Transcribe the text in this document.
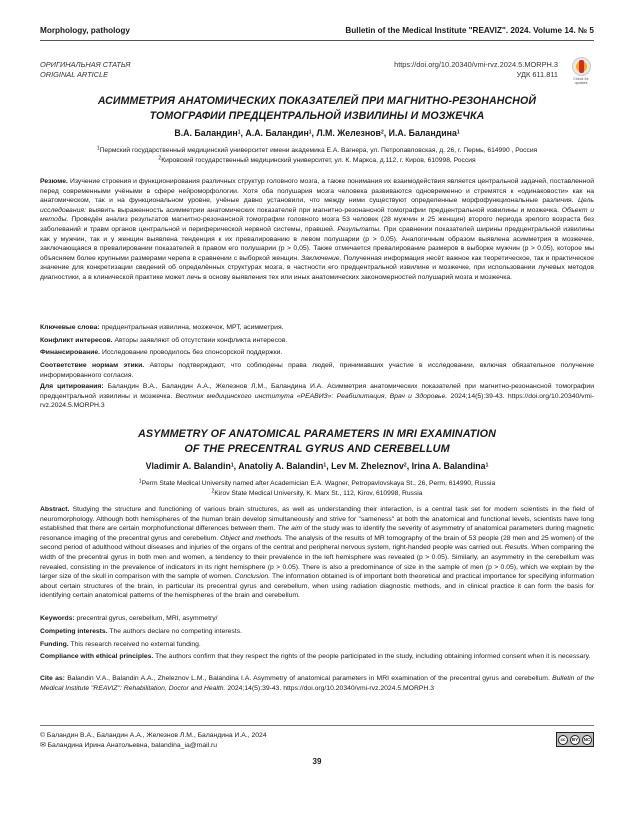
Morphology, pathology	Bulletin of the Medical Institute "REAVIZ". 2024. Volume 14. № 5
ОРИГИНАЛЬНАЯ СТАТЬЯ
ORIGINAL ARTICLE
https://doi.org/10.20340/vmi-rvz.2024.5.MORPH.3
УДК 611.811	Check for
updates
АСИММЕТРИЯ АНАТОМИЧЕСКИХ ПОКАЗАТЕЛЕЙ ПРИ МАГНИТНО-РЕЗОНАНСНОЙ
ТОМОГРАФИИ ПРЕДЦЕНТРАЛЬНОЙ ИЗВИЛИНЫ И МОЗЖЕЧКА
В.А. Баландин$^1$, А.А. Баландин$^1$, Л.М. Железнов$^2$, И.А. Баландина$^1$
$^1$Пермский государственный медицинский университет имени академика Е.А. Вагнера, ул. Петропавловская, д. 26, г. Пермь, 614990 , Россия
$^2$Кировский государственный медицинский университет, ул. К. Маркса, д.112, г. Киров, 610998, Россия
Резюме. Изучение строения и функционирования различных структур головного мозга, а также понимания их взаимодействия является центральной задачей, поставленной перед современными учёными в сфере нейроморфологии. Хотя оба полушария мозга человека развиваются одновременно и стремятся к «одинаковости» как на анатомическом, так и на функциональном уровне, учёные давно установили, что между ними существуют определенные морфофункциональные различия. Цель исследования: выявить выраженность асимметрии анатомических показателей при магнитно-резонансной томографии предцентральной извилины и мозжечка. Объект и методы. Проведён анализ результатов магнитно-резонансной томографии головного мозга 53 человек (28 мужчин и 25 женщин) второго периода зрелого возраста без заболеваний и травм органов центральной и периферической нервной системы, правшей. Результаты. При сравнении показателей ширины предцентральной извилины как у мужчин, так и у женщин выявлена тенденция к их превалированию в левом полушарии (p > 0,05). Аналогичным образом выявлена асимметрия в мозжечке, заключающаяся в превалировании показателей в правом его полушарии (p > 0,05). Также отмечается превалирование размеров в выборке мужчин (p > 0,05), которое мы объясняем более крупными размерами черепа в сравнении с выборкой женщин. Заключение. Полученная информация несёт важное как теоретическое, так и практическое значение для конкретизации сведений об определённых структурах мозга, в частности его предцентральной извилине и мозжечке, при использовании лучевых методов диагностики, а в клинической практике может лечь в основу выявления тех или иных анатомических закономерностей полушарий мозга и мозжечка.
Ключевые слова: предцентральная извилина, мозжечок, МРТ, асимметрия.
Конфликт интересов. Авторы заявляют об отсутствии конфликта интересов.
Финансирование. Исследование проводилось без спонсорской поддержки.
Соответствие нормам этики. Авторы подтверждают, что соблюдены права людей, принимавших участие в исследовании, включая обязательное получение информированного согласия.
Для цитирования: Баландин В.А., Баландин А.А., Железнов Л.М., Баландина И.А. Асимметрия анатомических показателей при магнитно-резонансной томографии предцентральной извилины и мозжечка. Вестник медицинского института «РЕАВИЗ»: Реабилитация, Врач и Здоровье. 2024;14(5):39-43. https://doi.org/10.20340/vmi-rvz.2024.5.MORPH.3
ASYMMETRY OF ANATOMICAL PARAMETERS IN MRI EXAMINATION
OF THE PRECENTRAL GYRUS AND CEREBELLUM
Vladimir A. Balandin$^1$, Anatoliy A. Balandin$^1$, Lev M. Zheleznov$^2$, Irina A. Balandina$^1$
$^1$Perm State Medical University named after Academician E.A. Wagner, Petropavlovskaya St., 26, Perm, 614990, Russia
$^2$Kirov State Medical University, K. Marx St., 112, Kirov, 610998, Russia
Abstract. Studying the structure and functioning of various brain structures, as well as understanding their interaction, is a central task set for modern scientists in the field of neuromorphology. Although both hemispheres of the human brain develop simultaneously and strive for "sameness" at both the anatomical and functional levels, scientists have long established that there are certain morphofunctional differences between them. The aim of the study was to identify the severity of asymmetry of anatomical parameters during magnetic resonance imaging of the precentral gyrus and cerebellum. Object and methods. The analysis of the results of MR tomography of the brain of 53 people (28 men and 25 women) of the second period of adulthood without diseases and injuries of the organs of the central and peripheral nervous system, right-handed people was carried out. Results. When comparing the width of the precentral gyrus in both men and women, a tendency to their prevalence in the left hemisphere was revealed (p > 0.05). Similarly, an asymmetry in the cerebellum was revealed, consisting in the prevalence of indicators in its right hemisphere (p > 0.05). There is also a predominance of size in the sample of men (p > 0.05), which we explain by the larger size of the skull in comparison with the sample of women. Conclusion. The information obtained is of important both theoretical and practical importance for specifying information about certain structures of the brain, in particular its precentral gyrus and cerebellum, when using radiation diagnostic methods, and in clinical practice it can form the basis for identifying certain anatomical patterns of the hemispheres of the brain and cerebellum.
Keywords: precentral gyrus, cerebellum, MRI, asymmetry/
Competing interests. The authors declare no competing interests.
Funding. This research received no external funding.
Compliance with ethical principles. The authors confirm that they respect the rights of the people participated in the study, including obtaining informed consent when it is necessary.
Cite as: Balandin V.A., Balandin A.A., Zheleznov L.M., Balandina I.A. Asymmetry of anatomical parameters in MRI examination of the precentral gyrus and cerebellum. Bulletin of the Medical Institute "REAVIZ": Rehabilitation, Doctor and Health. 2024;14(5):39-43. https://doi.org/10.20340/vmi-rvz.2024.5.MORPH.3
© Баландин В.А., Баландин А.А., Железнов Л.М., Баландина И.А., 2024
✉ Баландина Ирина Анатольевна, balandina_ia@mail.ru
cc	BY	NC
39
